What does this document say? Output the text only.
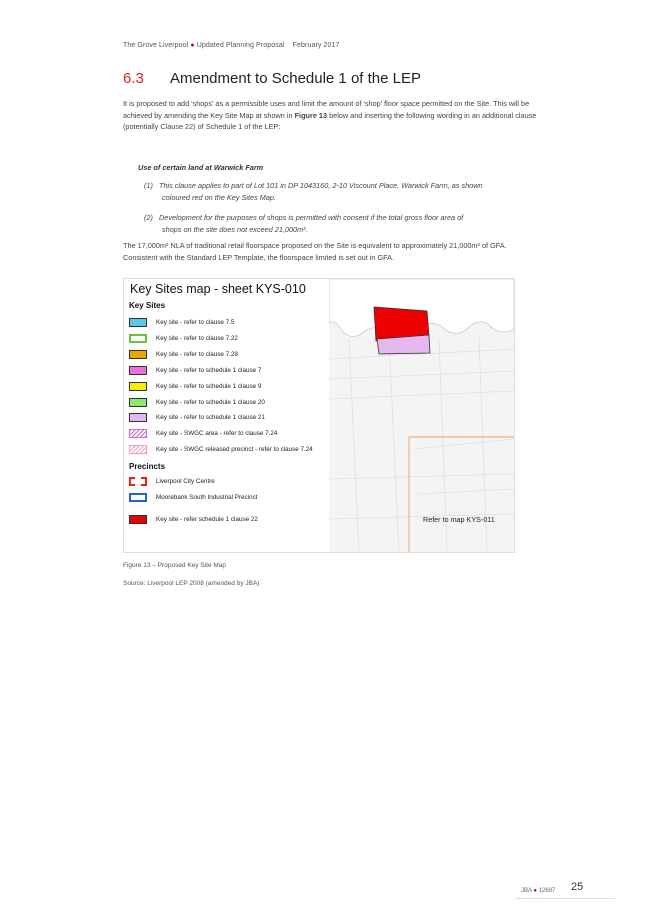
The Grove Liverpool ● Updated Planning Proposal February 2017
6.3 Amendment to Schedule 1 of the LEP
It is proposed to add 'shops' as a permissible uses and limit the amount of 'shop' floor space permitted on the Site. This will be achieved by amending the Key Site Map at shown in Figure 13 below and inserting the following wording in an additional clause (potentially Clause 22) of Schedule 1 of the LEP:
Use of certain land at Warwick Farm
(1) This clause applies to part of Lot 101 in DP 1043160, 2-10 Viscount Place, Warwick Farm, as shown
coloured red on the Key Sites Map.
(2) Development for the purposes of shops is permitted with consent if the total gross floor area of
shops on the site does not exceed 21,000m².
The 17,000m² NLA of traditional retail floorspace proposed on the Site is equivalent to approximately 21,000m² of GFA. Consistent with the Standard LEP Template, the floorspace limited is set out in GFA.
Key Sites map - sheet KYS-010
Key Sites
Key site - refer to clause 7.5
Key site - refer to clause 7.22
Key site - refer to clause 7.28
Key site - refer to schedule 1 clause 7
Key site - refer to schedule 1 clause 9
Key site - refer to schedule 1 clause 20
Key site - refer to schedule 1 clause 21
Key site - SWGC area - refer to clause 7.24
Key site - SWGC released precinct - refer to clause 7.24
Precincts
Liverpool City Centre
Moorebank South Industrial Precinct
Key site - refer schedule 1 clause 22	Refer to map KYS-011
Figure 13 – Proposed Key Site Map
Source: Liverpool LEP 2008 (amended by JBA)
JBA ● 12697 25
